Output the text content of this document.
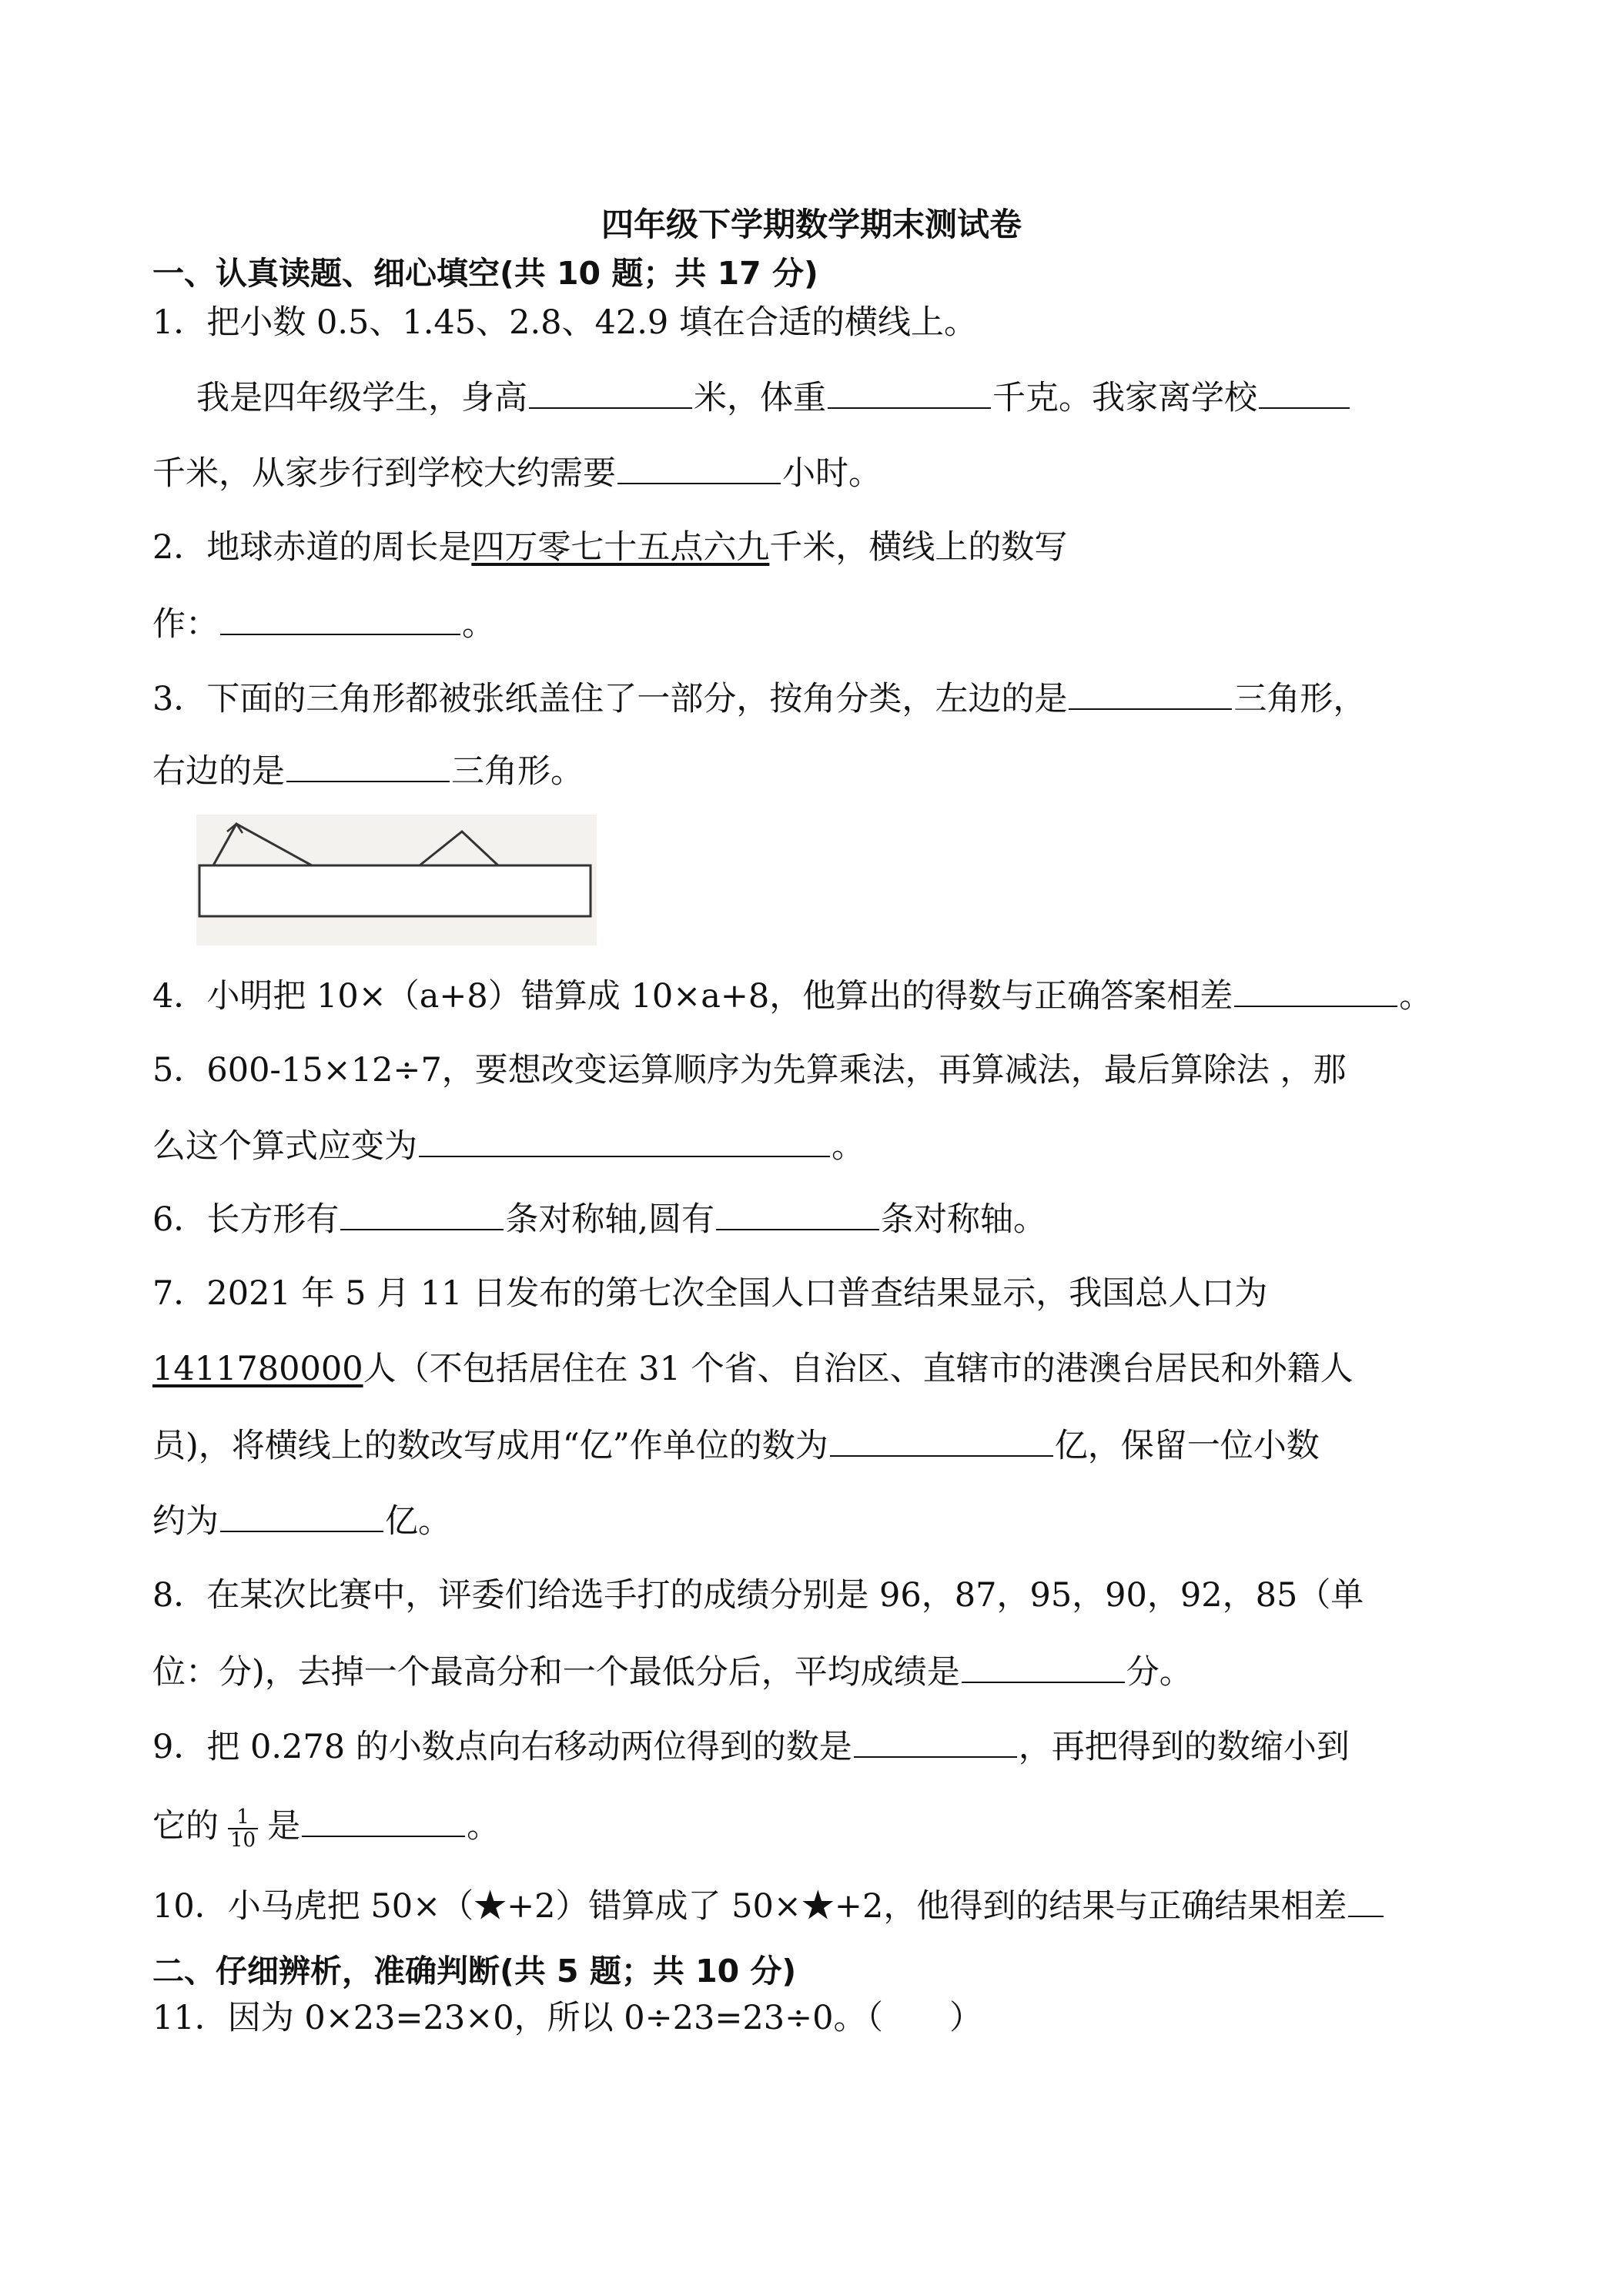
四年级下学期数学期末测试卷
一、认真读题、细心填空(共 10 题；共 17 分)
1．把小数 0.5、1.45、2.8、42.9 填在合适的横线上。
我是四年级学生，身高	米，体重	千克。我家离学校
千米，从家步行到学校大约需要	小时。
2．地球赤道的周长是四万零七十五点六九千米，横线上的数写
作：	。
3．下面的三角形都被张纸盖住了一部分，按角分类，左边的是	三角形，
右边的是	三角形。
4．小明把 10×（a+8）错算成 10×a+8，他算出的得数与正确答案相差	。
5．600-15×12÷7，要想改变运算顺序为先算乘法，再算减法，最后算除法 ，那
么这个算式应变为	。
6．长方形有	条对称轴,圆有	条对称轴。
7．2021 年 5 月 11 日发布的第七次全国人口普查结果显示，我国总人口为
1411780000人（不包括居住在 31 个省、自治区、直辖市的港澳台居民和外籍人
员)，将横线上的数改写成用“亿”作单位的数为	亿，保留一位小数
约为	亿。
8．在某次比赛中，评委们给选手打的成绩分别是 96，87，95，90，92，85（单
位：分)，去掉一个最高分和一个最低分后，平均成绩是	分。
9．把 0.278 的小数点向右移动两位得到的数是	，再把得到的数缩小到
它的 $\frac{1}{10}$ 是	。
10．小马虎把 50×（★+2）错算成了 50×★+2，他得到的结果与正确结果相差
二、仔细辨析，准确判断(共 5 题；共 10 分)
11．因为 0×23=23×0，所以 0÷23=23÷0。（　　）
